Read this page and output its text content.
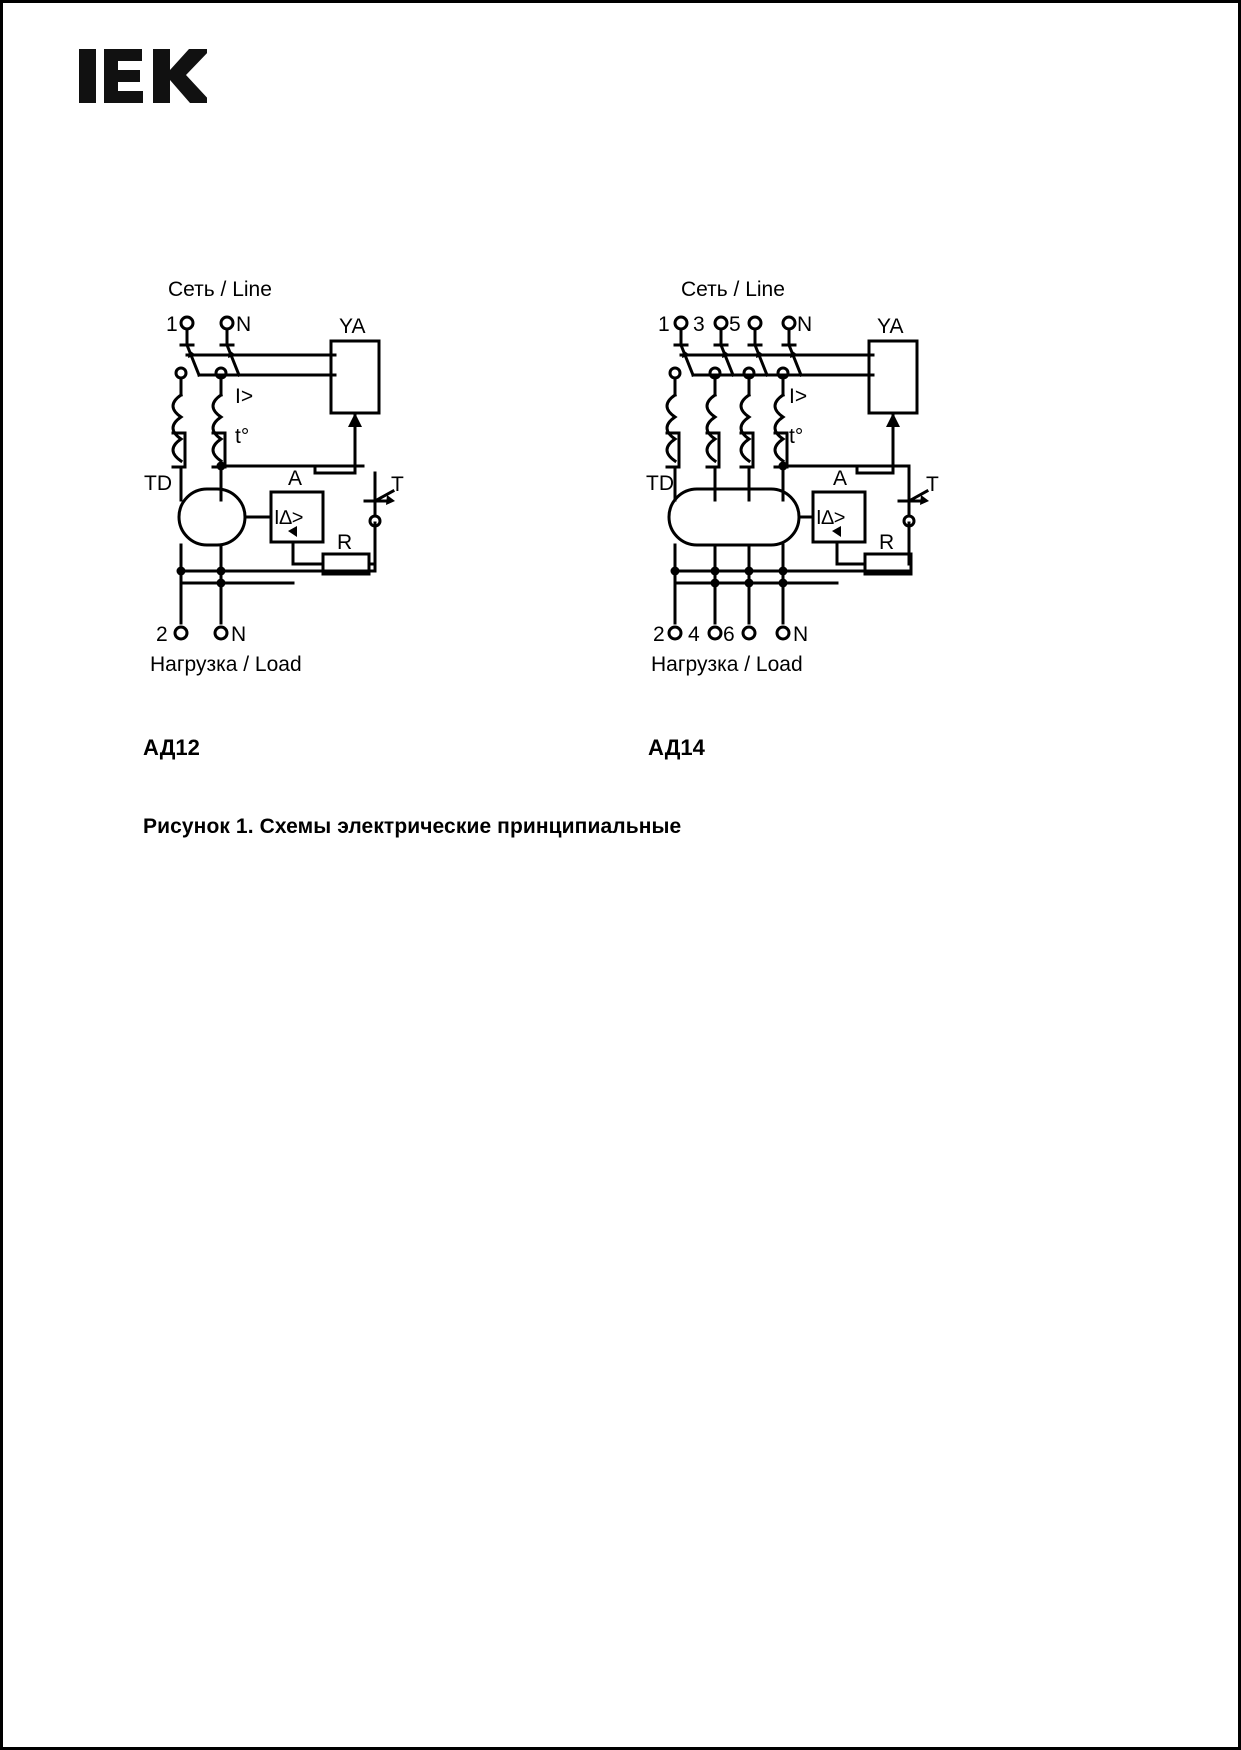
Сеть / Line
1	N
I>
t°
TD	A
I∆>
YA
T
R
2	N
Нагрузка / Load
АД12
Сеть / Line
1 3 5	N
I>
t°
TD	A
I∆>
YA
T
R
2 4 6	N
Нагрузка / Load
АД14
Рисунок 1. Схемы электрические принципиальные
